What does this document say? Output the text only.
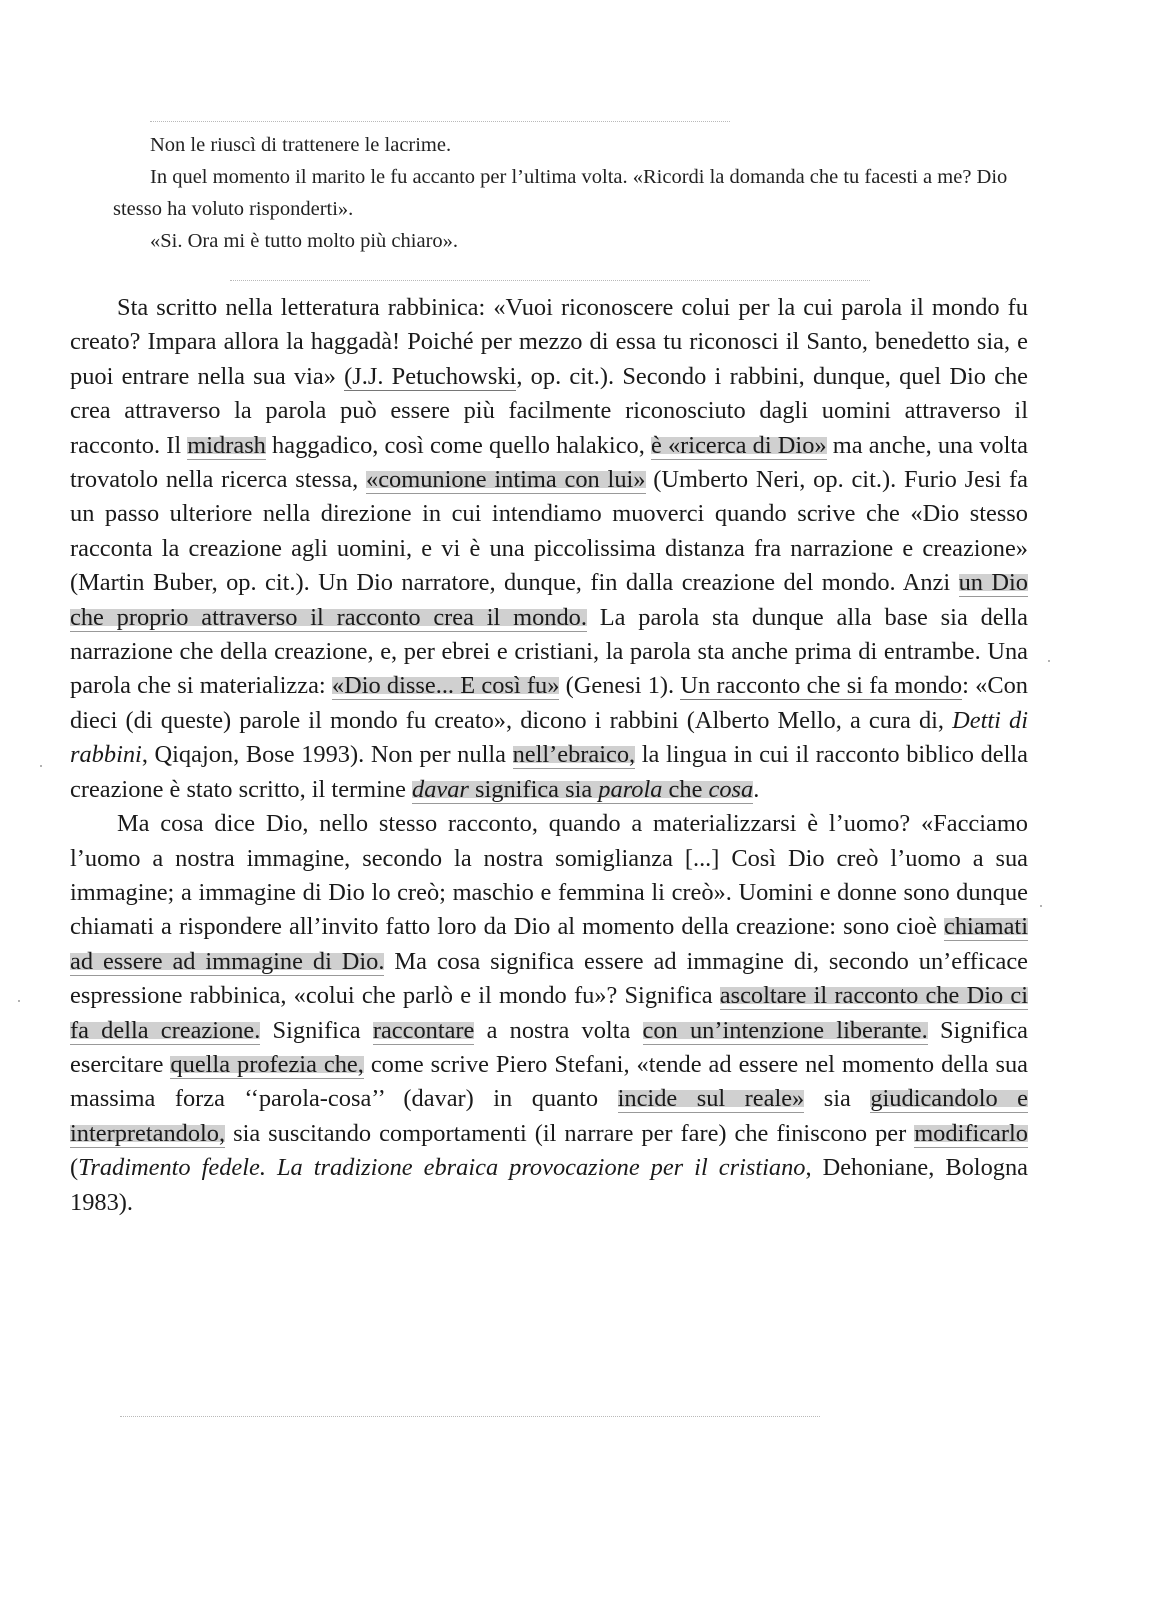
Non le riuscì di trattenere le lacrime.

In quel momento il marito le fu accanto per l’ultima volta. «Ricordi la domanda che tu facesti a me? Dio stesso ha voluto risponderti».

«Si. Ora mi è tutto molto più chiaro».

Sta scritto nella letteratura rabbinica: «Vuoi riconoscere colui per la cui parola il mondo fu creato? Impara allora la haggadà! Poiché per mezzo di essa tu riconosci il Santo, benedetto sia, e puoi entrare nella sua via» (J.J. Petuchowski, op. cit.). Secondo i rabbini, dunque, quel Dio che crea attraverso la parola può essere più facilmente riconosciuto dagli uomini attraverso il racconto. Il midrash haggadico, così come quello halakico, è «ricerca di Dio» ma anche, una volta trovatolo nella ricerca stessa, «comunione intima con lui» (Umberto Neri, op. cit.). Furio Jesi fa un passo ulteriore nella direzione in cui intendiamo muoverci quando scrive che «Dio stesso racconta la creazione agli uomini, e vi è una piccolissima distanza fra narrazione e creazione» (Martin Buber, op. cit.). Un Dio narratore, dunque, fin dalla creazione del mondo. Anzi un Dio che proprio attraverso il racconto crea il mondo. La parola sta dunque alla base sia della narrazione che della creazione, e, per ebrei e cristiani, la parola sta anche prima di entrambe. Una parola che si materializza: «Dio disse... E così fu» (Genesi 1). Un racconto che si fa mondo: «Con dieci (di queste) parole il mondo fu creato», dicono i rabbini (Alberto Mello, a cura di, Detti di rabbini, Qiqajon, Bose 1993). Non per nulla nell’ebraico, la lingua in cui il racconto biblico della creazione è stato scritto, il termine davar significa sia parola che cosa.

Ma cosa dice Dio, nello stesso racconto, quando a materializzarsi è l’uomo? «Facciamo l’uomo a nostra immagine, secondo la nostra somiglianza [...] Così Dio creò l’uomo a sua immagine; a immagine di Dio lo creò; maschio e femmina li creò». Uomini e donne sono dunque chiamati a rispondere all’invito fatto loro da Dio al momento della creazione: sono cioè chiamati ad essere ad immagine di Dio. Ma cosa significa essere ad immagine di, secondo un’efficace espressione rabbinica, «colui che parlò e il mondo fu»? Significa ascoltare il racconto che Dio ci fa della creazione. Significa raccontare a nostra volta con un’intenzione liberante. Significa esercitare quella profezia che, come scrive Piero Stefani, «tende ad essere nel momento della sua massima forza ‘‘parola-cosa’’ (davar) in quanto incide sul reale» sia giudicandolo e interpretandolo, sia suscitando comportamenti (il narrare per fare) che finiscono per modificarlo (Tradimento fedele. La tradizione ebraica provocazione per il cristiano, Dehoniane, Bologna 1983).
